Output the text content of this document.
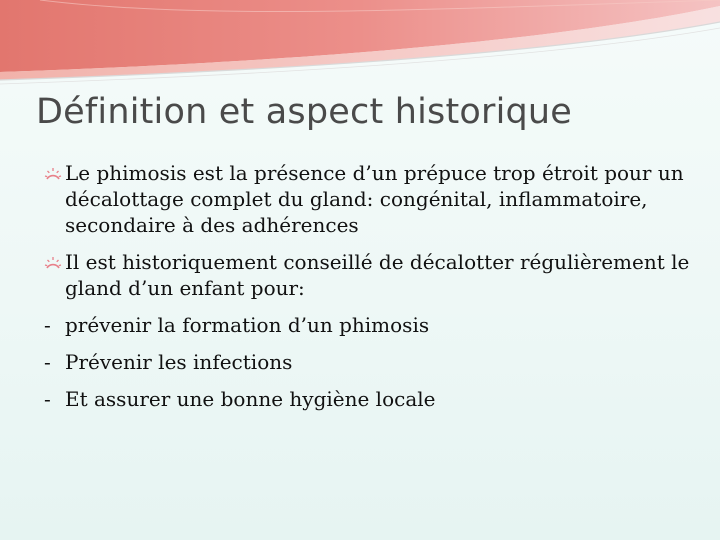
Définition et aspect historique
Le phimosis est la présence d’un prépuce trop étroit pour un décalottage complet du gland: congénital, inflammatoire, secondaire à des adhérences
Il est historiquement conseillé de décalotter régulièrement le gland d’un enfant pour:
- prévenir la formation d’un phimosis
- Prévenir les infections
- Et assurer une bonne hygiène locale
